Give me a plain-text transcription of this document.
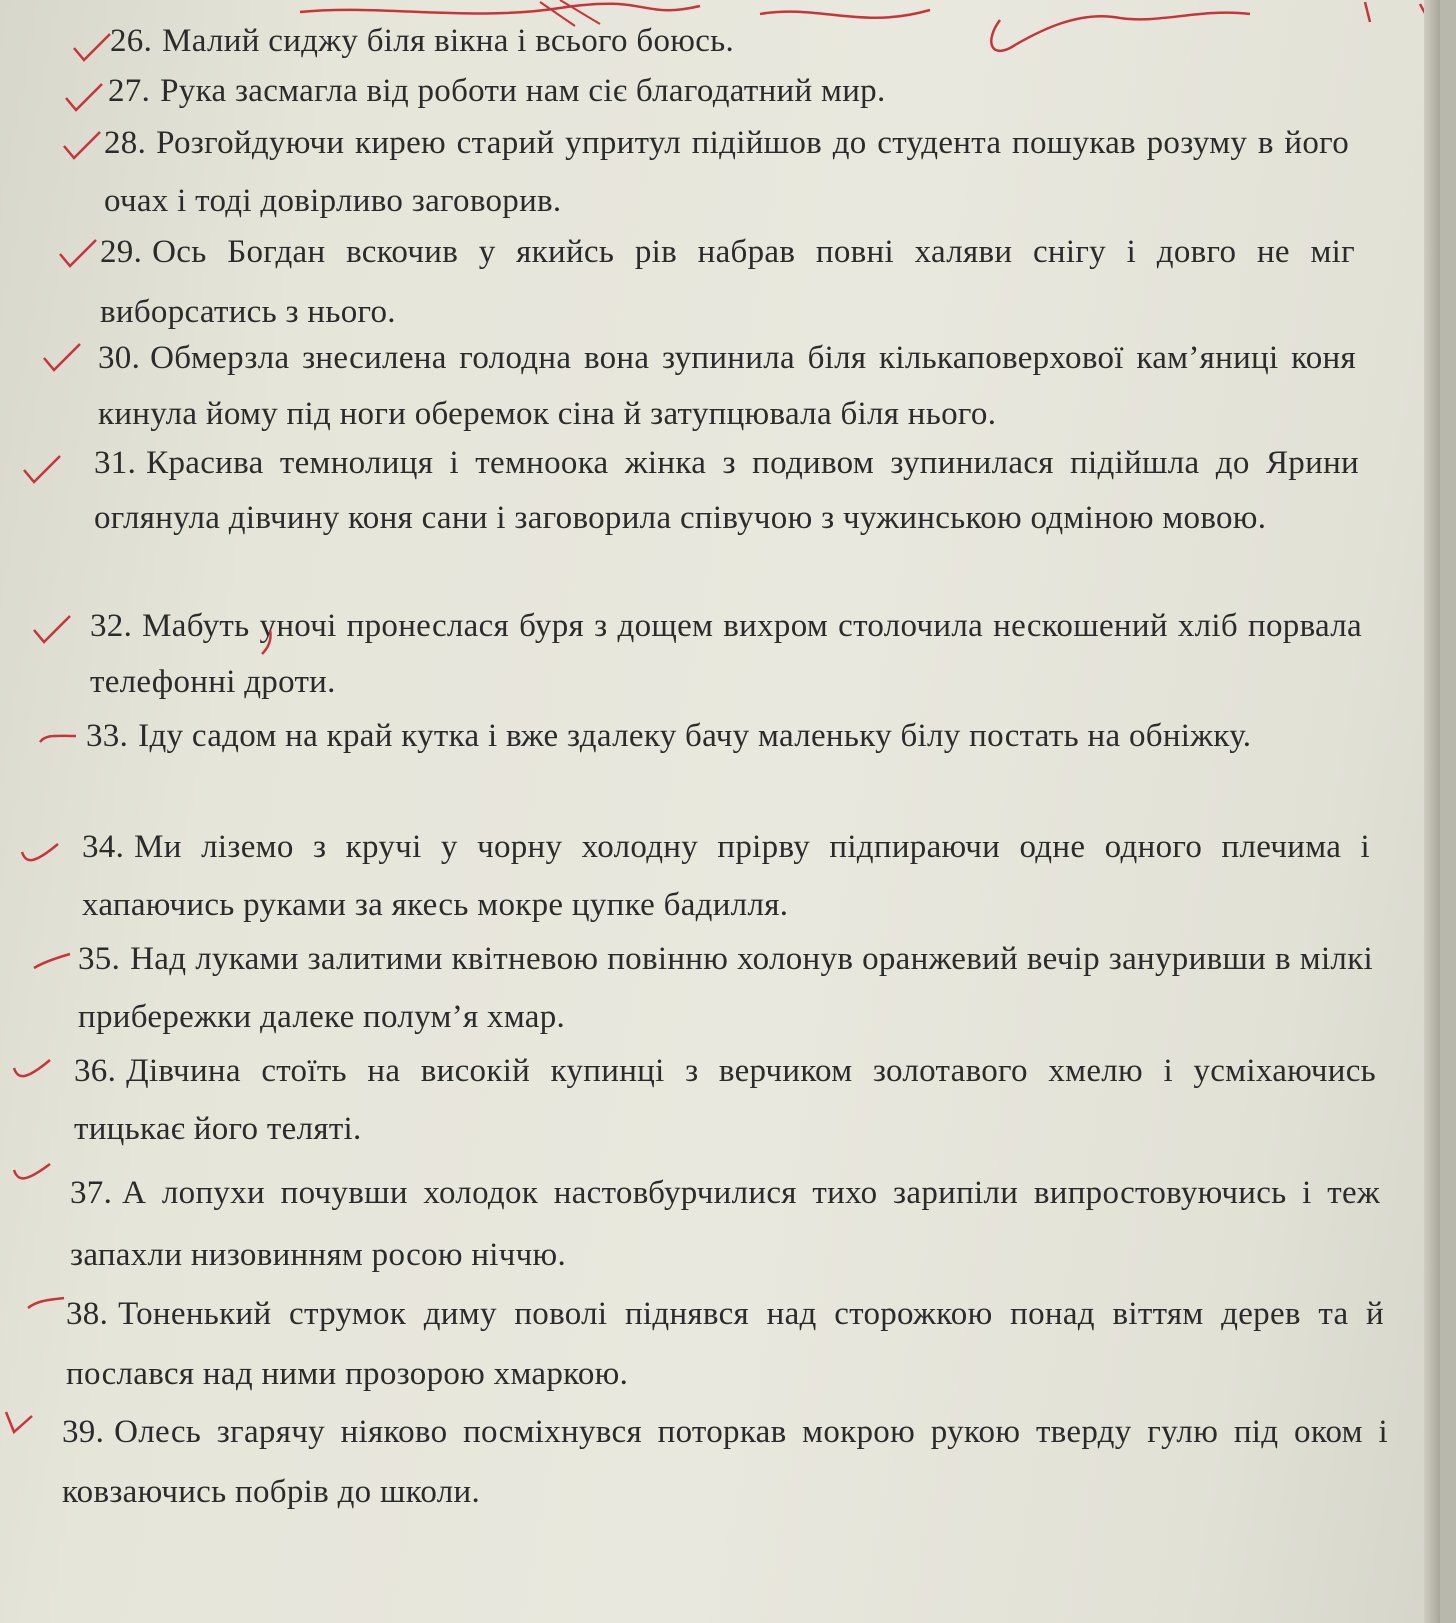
26. Малий сиджу біля вікна і всього боюсь.

27. Рука засмагла від роботи нам сіє благодатний мир.

28. Розгойдуючи кирею старий упритул підійшов до студента пошукав розуму в його очах і тоді довірливо заговорив.

29. Ось Богдан вскочив у якийсь рів набрав повні халяви снігу і довго не міг виборсатись з нього.

30. Обмерзла знесилена голодна вона зупинила біля кількаповерхової кам’яниці коня кинула йому під ноги оберемок сіна й затупцювала біля нього.

31. Красива темнолиця і темноока жінка з подивом зупинилася підійшла до Ярини оглянула дівчину коня сани і заговорила співучою з чужинською одміною мовою.

32. Мабуть уночі пронеслася буря з дощем вихром столочила нескошений хліб порвала телефонні дроти.

33. Іду садом на край кутка і вже здалеку бачу маленьку білу постать на обніжку.

34. Ми ліземо з кручі у чорну холодну прірву підпираючи одне одного плечима і хапаючись руками за якесь мокре цупке бадилля.

35. Над луками залитими квітневою повінню холонув оранжевий вечір зануривши в мілкі прибережки далеке полум’я хмар.

36. Дівчина стоїть на високій купинці з верчиком золотавого хмелю і усміхаючись тицькає його теляті.

37. А лопухи почувши холодок настовбурчилися тихо зарипіли випростовуючись і теж запахли низовинням росою ніччю.

38. Тоненький струмок диму поволі піднявся над сторожкою понад віттям дерев та й послався над ними прозорою хмаркою.

39. Олесь згарячу ніяково посміхнувся поторкав мокрою рукою тверду гулю під оком і ковзаючись побрів до школи.
